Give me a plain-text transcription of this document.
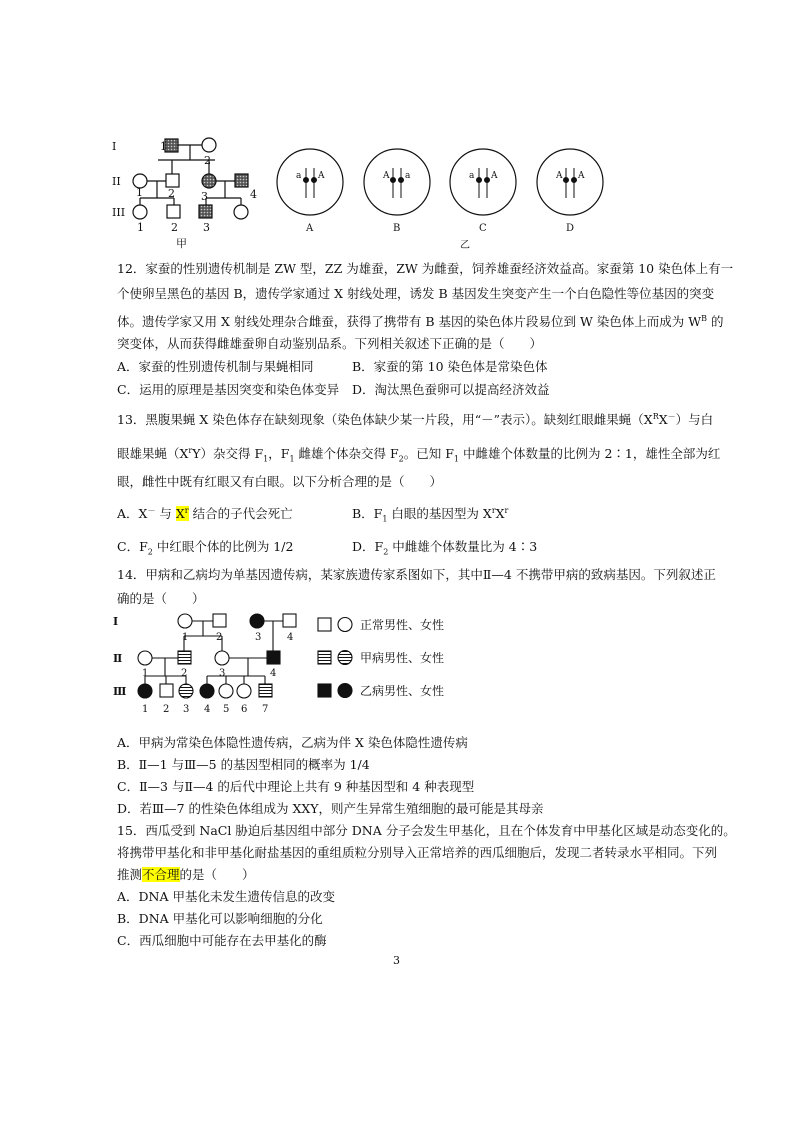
I
II
III
1
2
1 2 3	4
1 2 3
甲
a A	A a	a A	A A
A	B	C	D
乙
12．家蚕的性别遗传机制是 ZW 型，ZZ 为雄蚕，ZW 为雌蚕，饲养雄蚕经济效益高。家蚕第 10 染色体上有一
个使卵呈黑色的基因 B，遗传学家通过 X 射线处理，诱发 B 基因发生突变产生一个白色隐性等位基因的突变
体。遗传学家又用 X 射线处理杂合雌蚕，获得了携带有 B 基因的染色体片段易位到 W 染色体上而成为 $W^B$ 的
突变体，从而获得雌雄蚕卵自动鉴别品系。下列相关叙述下正确的是（　　）
A．家蚕的性别遗传机制与果蝇相同	B．家蚕的第 10 染色体是常染色体
C．运用的原理是基因突变和染色体变异 D．淘汰黑色蚕卵可以提高经济效益
13．黑腹果蝇 X 染色体存在缺刻现象（染色体缺少某一片段，用“－”表示）。缺刻红眼雌果蝇$(X^RX^-)$与白
眼雄果蝇$(X^rY)$杂交得 $F_1$，$F_1$ 雌雄个体杂交得 $F_2$。已知 $F_1$ 中雌雄个体数量的比例为 2∶1，雄性全部为红
眼，雌性中既有红眼又有白眼。以下分析合理的是（　　）
A．X－ 与 $X^r$ 结合的子代会死亡	B．$F_1$ 白眼的基因型为 $X^rX^r$
C．$F_2$ 中红眼个体的比例为 1/2	D．$F_2$ 中雌雄个体数量比为 4∶3
14．甲病和乙病均为单基因遗传病，某家族遗传家系图如下，其中Ⅱ—4 不携带甲病的致病基因。下列叙述正
确的是（　　）
Ⅰ
Ⅱ
Ⅲ
1	2	3	4
1	2	3	4
1 2 3 4 5 6 7
正常男性、女性
甲病男性、女性
乙病男性、女性
A．甲病为常染色体隐性遗传病，乙病为伴 X 染色体隐性遗传病
B．Ⅱ—1 与Ⅲ—5 的基因型相同的概率为 1/4
C．Ⅱ—3 与Ⅱ—4 的后代中理论上共有 9 种基因型和 4 种表现型
D．若Ⅲ—7 的性染色体组成为 XXY，则产生异常生殖细胞的最可能是其母亲
15．西瓜受到 NaCl 胁迫后基因组中部分 DNA 分子会发生甲基化，且在个体发育中甲基化区域是动态变化的。
将携带甲基化和非甲基化耐盐基因的重组质粒分别导入正常培养的西瓜细胞后，发现二者转录水平相同。下列
推测不合理的是（　　）
A．DNA 甲基化未发生遗传信息的改变
B．DNA 甲基化可以影响细胞的分化
C．西瓜细胞中可能存在去甲基化的酶
3
